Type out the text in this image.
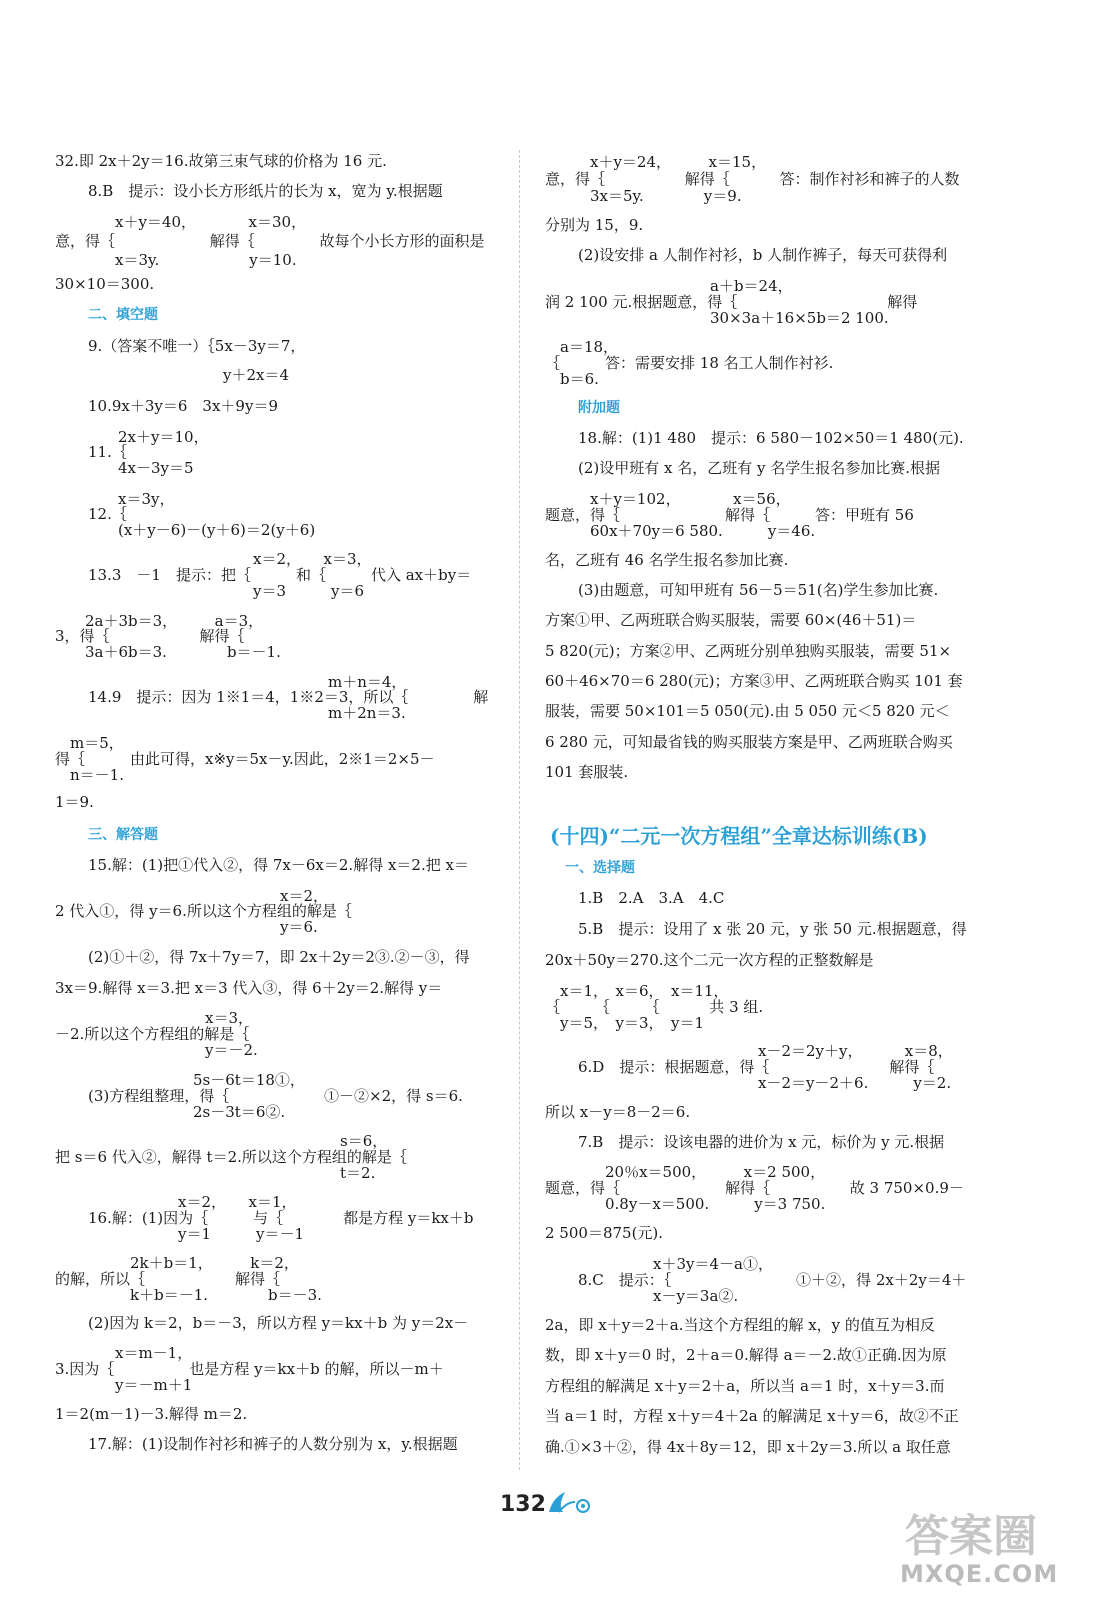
32.即 2x＋2y＝16.故第三束气球的价格为 16 元.
8.B　提示：设小长方形纸片的长为 x，宽为 y.根据题
　　　　x＋y＝40，　　　　x＝30，
意，得｛　　　　　　 解得｛　　　　 故每个小长方形的面积是
　　　　x＝3y.　　　　　　y＝10.
30×10＝300.
二、填空题
9.（答案不唯一）｛5x－3y＝7，
　　　　　　　　　y＋2x＝4
10.9x＋3y＝6　3x＋9y＝9
　　2x＋y＝10，
11.｛
　　4x－3y＝5
　　x＝3y，
12.｛
　　(x＋y－6)－(y＋6)＝2(y＋6)
　　　　　　　　　　　x＝2，　　x＝3，
13.3　－1　提示：把｛　　　和｛　　　代入 ax＋by＝
　　　　　　　　　　　y＝3　　　y＝6
　　2a＋3b＝3，　　　a＝3，
3，得｛　　　　　　解得｛
　　3a＋6b＝3.　　　　b＝－1.
　　　　　　　　　　　　　　　　m＋n＝4，
14.9　提示：因为 1※1＝4，1※2＝3，所以｛　　　　 解
　　　　　　　　　　　　　　　　m＋2n＝3.
　m＝5，
得｛　　　由此可得，x※y＝5x－y.因此，2※1＝2×5－
　n＝－1.
1＝9.
三、解答题
15.解：(1)把①代入②，得 7x－6x＝2.解得 x＝2.把 x＝
　　　　　　　　　　　　　　　x＝2，
2 代入①，得 y＝6.所以这个方程组的解是｛
　　　　　　　　　　　　　　　y＝6.
(2)①＋②，得 7x＋7y＝7，即 2x＋2y＝2③.②－③，得
3x＝9.解得 x＝3.把 x＝3 代入③，得 6＋2y＝2.解得 y＝
　　　　　　　　　　x＝3，
－2.所以这个方程组的解是｛
　　　　　　　　　　y＝－2.
　　　　　　　5s－6t＝18①，
(3)方程组整理，得｛　　　　　　 ①－②×2，得 s＝6.
　　　　　　　2s－3t＝6②.
　　　　　　　　　　　　　　　　　　　s＝6，
把 s＝6 代入②，解得 t＝2.所以这个方程组的解是｛
　　　　　　　　　　　　　　　　　　　t＝2.
　　　　　　x＝2，　　x＝1，
16.解：(1)因为｛　　　与｛　　　　都是方程 y＝kx＋b
　　　　　　y＝1　　　y＝－1
　　　　　2k＋b＝1，　　　k＝2，
的解，所以｛　　　　　　解得｛
　　　　　k＋b＝－1.　　　　b＝－3.
(2)因为 k＝2，b＝－3，所以方程 y＝kx＋b 为 y＝2x－
　　　　x＝m－1，
3.因为｛　　　　　也是方程 y＝kx＋b 的解，所以－m＋
　　　　y＝－m＋1
1＝2(m－1)－3.解得 m＝2.
17.解：(1)设制作衬衫和裤子的人数分别为 x，y.根据题
　　　x＋y＝24，　　　x＝15，
意，得｛　　　　　 解得｛　　　 答：制作衬衫和裤子的人数
　　　3x＝5y.　　　　y＝9.
分别为 15，9.
(2)设安排 a 人制作衬衫，b 人制作裤子，每天可获得利
　　　　　　　　　　　a＋b＝24，
润 2 100 元.根据题意，得｛　　　　　　　　　　解得
　　　　　　　　　　　30×3a＋16×5b＝2 100.
　a＝18，
｛　　　答：需要安排 18 名工人制作衬衫.
　b＝6.
附加题
18.解：(1)1 480　提示：6 580－102×50＝1 480(元).
(2)设甲班有 x 名，乙班有 y 名学生报名参加比赛.根据
　　　x＋y＝102，　　　　x＝56，
题意，得｛　　　　　　　解得｛　　　答：甲班有 56
　　　60x＋70y＝6 580.　　　y＝46.
名，乙班有 46 名学生报名参加比赛.
(3)由题意，可知甲班有 56－5＝51(名)学生参加比赛.
方案①甲、乙两班联合购买服装，需要 60×(46＋51)＝
5 820(元)；方案②甲、乙两班分别单独购买服装，需要 51×
60＋46×70＝6 280(元)；方案③甲、乙两班联合购买 101 套
服装，需要 50×101＝5 050(元).由 5 050 元＜5 820 元＜
6 280 元，可知最省钱的购买服装方案是甲、乙两班联合购买
101 套服装.
(十四)“二元一次方程组”全章达标训练(B)
一、选择题
1.B　2.A　3.A　4.C
5.B　提示：设用了 x 张 20 元，y 张 50 元.根据题意，得
20x＋50y＝270.这个二元一次方程的正整数解是
　x＝1，　x＝6，　x＝11，
｛　　 ｛　　 ｛　　　 共 3 组.
　y＝5，　y＝3，　y＝1
　　　　　　　　　　　　x－2＝2y＋y，　　　 x＝8，
6.D　提示：根据题意，得｛　　　　　　　　解得｛
　　　　　　　　　　　　x－2＝y－2＋6.　　　y＝2.
所以 x－y＝8－2＝6.
7.B　提示：设该电器的进价为 x 元，标价为 y 元.根据
　　　　20％x＝500，　　　x＝2 500，
题意，得｛　　　　　　　解得｛　　　　　 故 3 750×0.9－
　　　　0.8y－x＝500.　　　y＝3 750.
2 500＝875(元).
　　　　　x＋3y＝4－a①，
8.C　提示：｛　　　　　　　　 ①＋②，得 2x＋2y＝4＋
　　　　　x－y＝3a②.
2a，即 x＋y＝2＋a.当这个方程组的解 x，y 的值互为相反
数，即 x＋y＝0 时，2＋a＝0.解得 a＝－2.故①正确.因为原
方程组的解满足 x＋y＝2＋a，所以当 a＝1 时，x＋y＝3.而
当 a＝1 时，方程 x＋y＝4＋2a 的解满足 x＋y＝6，故②不正
确.①×3＋②，得 4x＋8y＝12，即 x＋2y＝3.所以 a 取任意
132
答案圈
MXQE.COM
